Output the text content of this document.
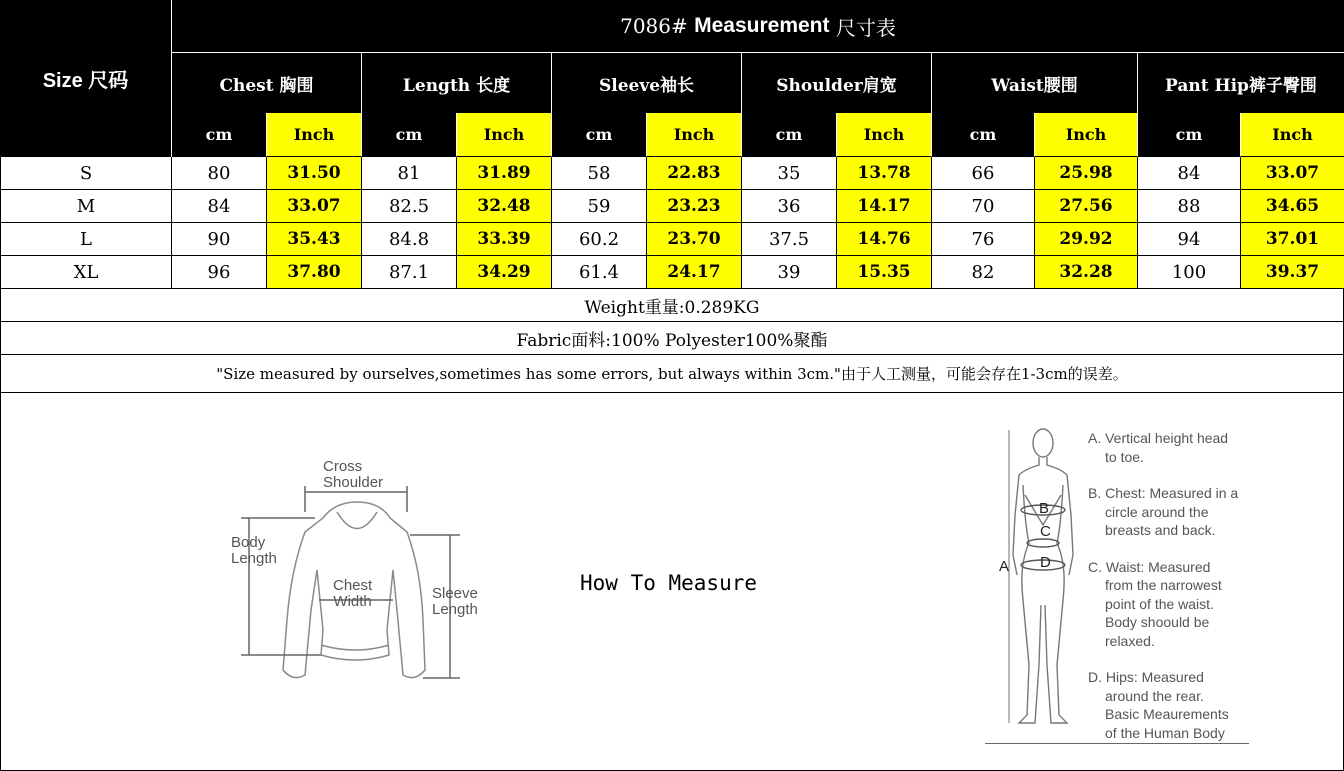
Size 尺码
7086#
Measurement
尺寸表
Chest 胸围	Length 长度	Sleeve袖长	Shoulder肩宽	Waist腰围	Pant Hip裤子臀围
cm	Inch	cm	Inch	cm	Inch	cm	Inch	cm	Inch	cm	Inch
S	80	31.50	81	31.89	58	22.83	35	13.78	66	25.98	84	33.07
M	84	33.07	82.5	32.48	59	23.23	36	14.17	70	27.56	88	34.65
L	90	35.43	84.8	33.39	60.2	23.70	37.5	14.76	76	29.92	94	37.01
XL	96	37.80	87.1	34.29	61.4	24.17	39	15.35	82	32.28	100	39.37
Weight重量:0.289KG
Fabric面料:100% Polyester100%聚酯
"Size measured by ourselves,sometimes has some errors, but always within 3cm."由于人工测量，可能会存在1-3cm的误差。
Cross
Shoulder
Body
Length
Chest
Width	Sleeve
Length
How To Measure
A
B
C
D
A. Vertical height head
to toe.
B. Chest: Measured in a
circle around the
breasts and back.
C. Waist: Measured
from the narrowest
point of the waist.
Body shoould be
relaxed.
D. Hips: Measured
around the rear.
Basic Meaurements
of the Human Body
